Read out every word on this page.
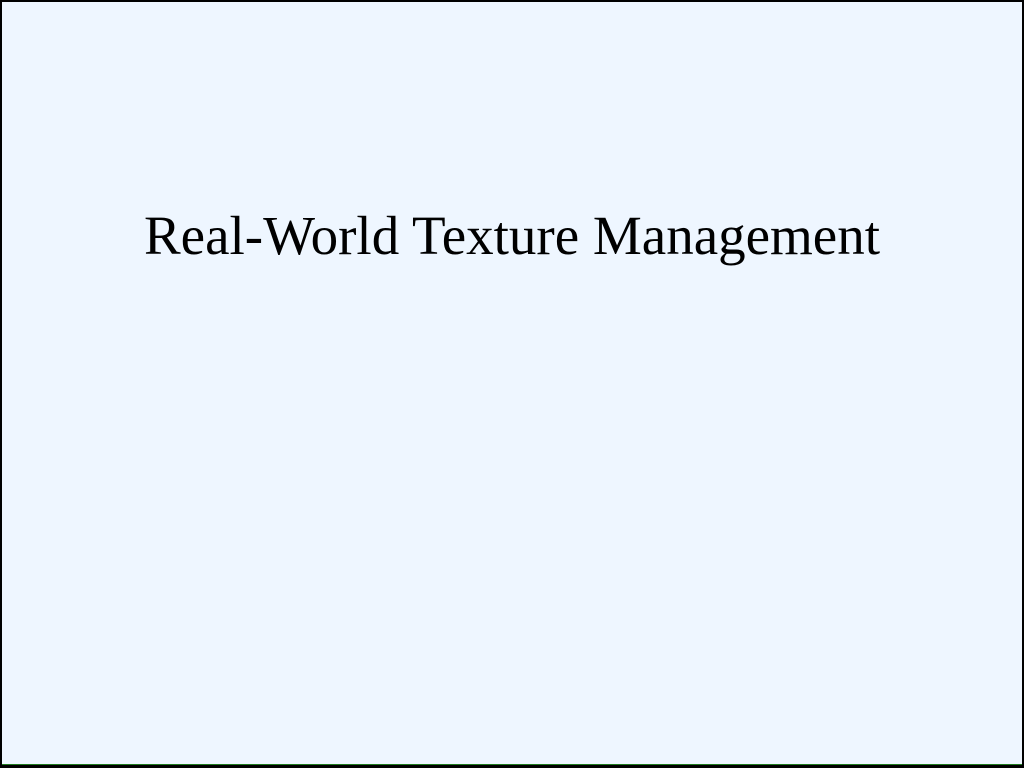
Real-World Texture Management
